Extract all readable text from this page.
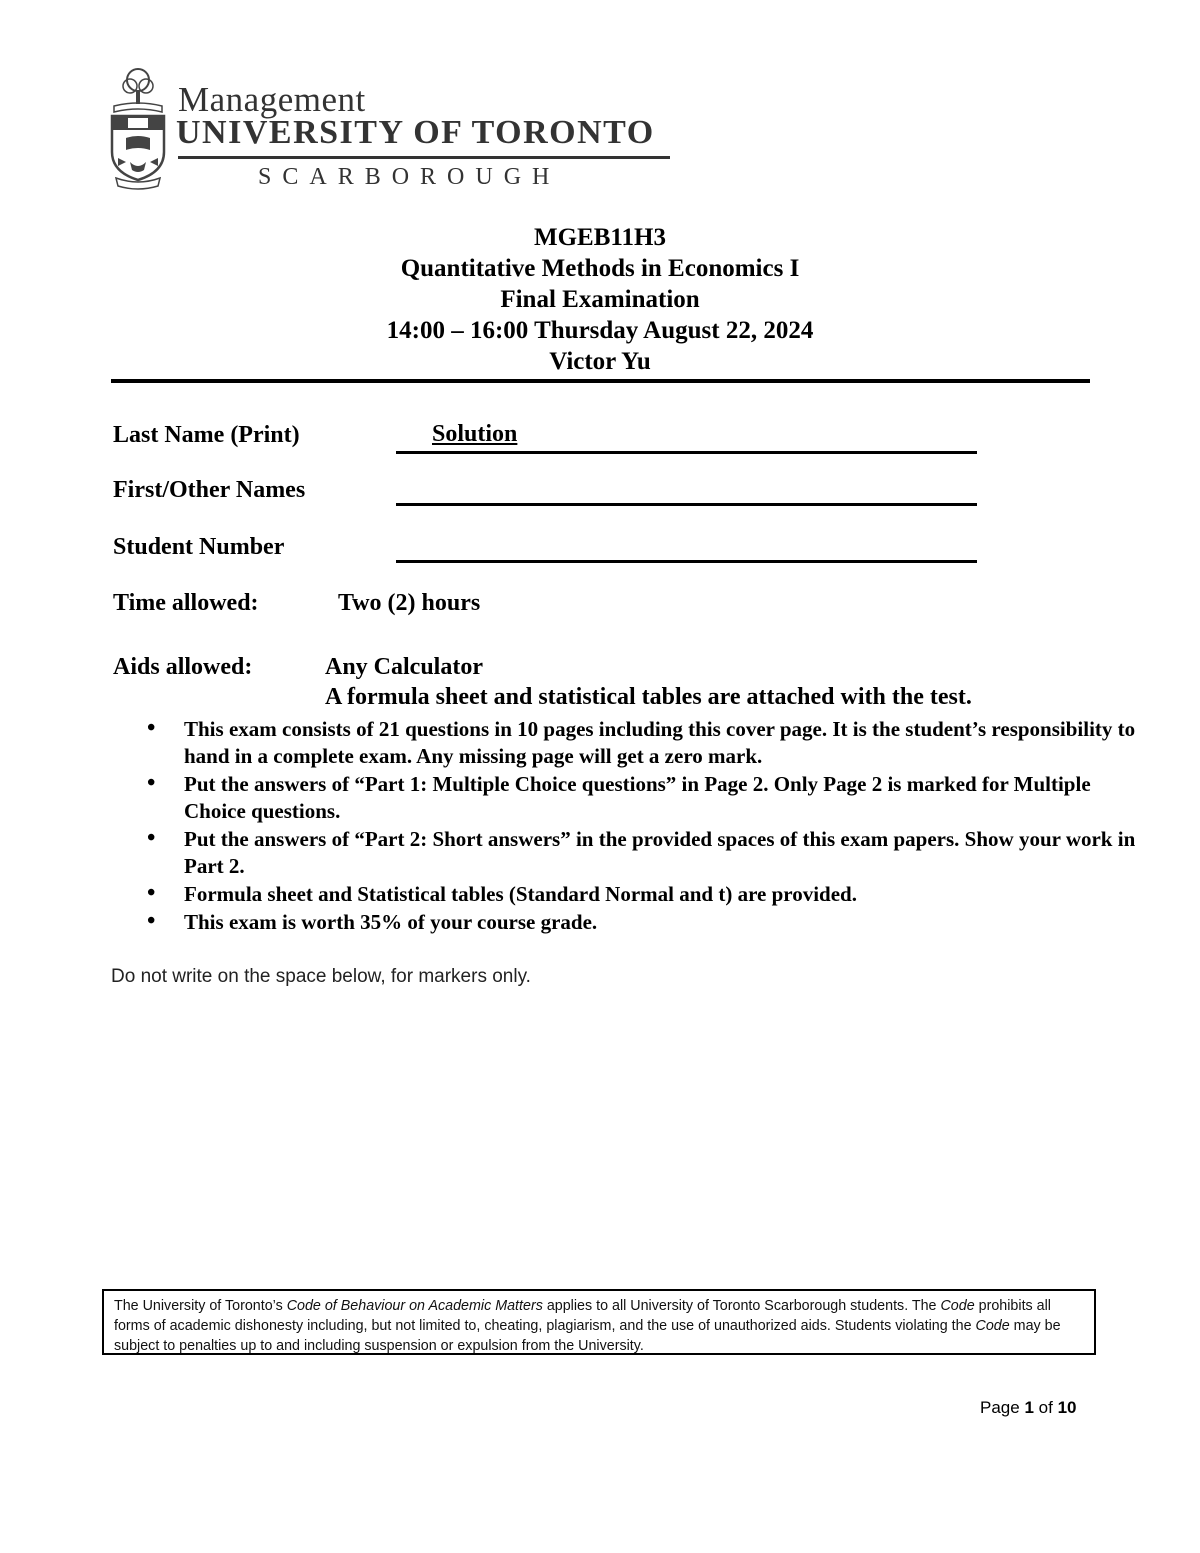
Management
UNIVERSITY OF TORONTO
SCARBOROUGH
MGEB11H3
Quantitative Methods in Economics I
Final Examination
14:00 – 16:00 Thursday August 22, 2024
Victor Yu
Last Name (Print)	Solution
First/Other Names
Student Number
Time allowed:	Two (2) hours
Aids allowed:	Any Calculator
A formula sheet and statistical tables are attached with the test.
• This exam consists of 21 questions in 10 pages including this cover page. It is the student’s responsibility to hand in a complete exam. Any missing page will get a zero mark.
• Put the answers of “Part 1: Multiple Choice questions” in Page 2. Only Page 2 is marked for Multiple Choice questions.
• Put the answers of “Part 2: Short answers” in the provided spaces of this exam papers. Show your work in Part 2.
• Formula sheet and Statistical tables (Standard Normal and t) are provided.
• This exam is worth 35% of your course grade.
Do not write on the space below, for markers only.
The University of Toronto’s Code of Behaviour on Academic Matters applies to all University of Toronto Scarborough students. The Code prohibits all forms of academic dishonesty including, but not limited to, cheating, plagiarism, and the use of unauthorized aids. Students violating the Code may be subject to penalties up to and including suspension or expulsion from the University.
Page 1 of 10
